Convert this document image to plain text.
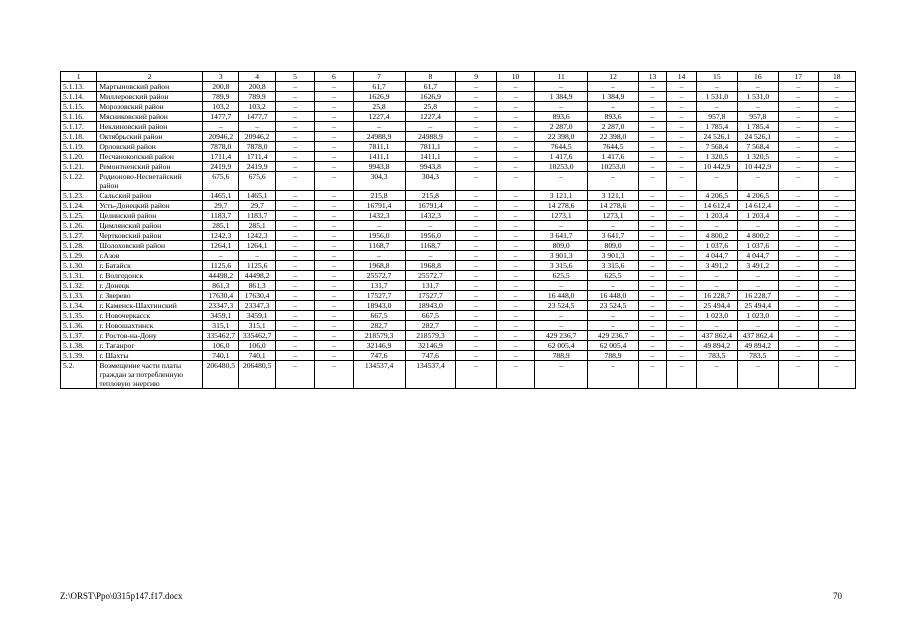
1	2	3	4	5	6	7	8	9	10	11	12	13	14	15	16	17	18
5.1.13.	Мартыновский район	200,8	200,8	–	–	61,7	61,7	–	–	–	–	–	–	–	–	–	–
5.1.14.	Миллеровский район	789,9	789,9	–	–	1626,9	1626,9	–	–	1 384,9	1 384,9	–	–	1 531,0	1 531,0	–	–
5.1.15.	Морозовский район	103,2	103,2	–	–	25,8	25,8	–	–	–	–	–	–	–	–	–	–
5.1.16.	Мясниковский район	1477,7	1477,7	–	–	1227,4	1227,4	–	–	893,6	893,6	–	–	957,8	957,8	–	–
5.1.17.	Неклиновский район	–	–	–	–	–	–	–	–	2 287,0	2 287,0	–	–	1 785,4	1 785,4	–	–
5.1.18.	Октябрьский район	20946,2	20946,2	–	–	24988,9	24988,9	–	–	22 398,0	22 398,0	–	–	24 526,1	24 526,1	–	–
5.1.19.	Орловский район	7878,0	7878,0	–	–	7811,1	7811,1	–	–	7644,5	7644,5	–	–	7 568,4	7 568,4	–	–
5.1.20.	Песчанокопский район	1711,4	1711,4	–	–	1411,1	1411,1	–	–	1 417,6	1 417,6	–	–	1 320,5	1 320,5	–	–
5.1.21.	Ремонтненский район	2419,9	2419,9	–	–	9943,8	9943,8	–	–	10253,0	10253,0	–	–	10 442,9	10 442,9	–	–
5.1.22.	Родионово-Несветайский район	675,6	675,6	–	–	304,3	304,3	–	–	–	–	–	–	–	–	–	–
5.1.23.	Сальский район	1465,1	1465,1	–	–	215,8	215,8	–	–	3 121,1	3 121,1	–	–	4 206,5	4 206,5	–	–
5.1.24.	Усть-Донецкий район	29,7	29,7	–	–	16791,4	16791,4	–	–	14 278,6	14 278,6	–	–	14 612,4	14 612,4	–	–
5.1.25.	Целинский район	1183,7	1183,7	–	–	1432,3	1432,3	–	–	1273,1	1273,1	–	–	1 203,4	1 203,4	–	–
5.1.26.	Цимлянский район	285,1	285,1	–	–	–	–	–	–	–	–	–	–	–	–	–	–
5.1.27.	Чертковский район	1242,3	1242,3	–	–	1956,0	1956,0	–	–	3 641,7	3 641,7	–	–	4 800,2	4 800,2	–	–
5.1.28.	Шолоховский район	1264,1	1264,1	–	–	1168,7	1168,7	–	–	809,0	809,0	–	–	1 037,6	1 037,6	–	–
5.1.29.	г.Азов	–	–	–	–	–	–	–	–	3 901,3	3 901,3	–	–	4 044,7	4 044,7	–	–
5.1.30.	г. Батайск	1125,6	1125,6	–	–	1968,8	1968,8	–	–	3 315,6	3 315,6	–	–	3 491,2	3 491,2	–	–
5.1.31.	г. Волгодонск	44498,2	44498,2	–	–	25572,7	25572,7	–	–	625,5	625,5	–	–	–	–	–	–
5.1.32.	г. Донецк	861,3	861,3	–	–	131,7	131,7	–	–	–	–	–	–	–	–	–	–
5.1.33.	г. Зверево	17630,4	17630,4	–	–	17527,7	17527,7	–	–	16 448,0	16 448,0	–	–	16 228,7	16 228,7	–	–
5.1.34.	г. Каменск-Шахтинский	23347,3	23347,3	–	–	18943,0	18943,0	–	–	23 524,5	23 524,5	–	–	25 494,4	25 494,4	–	–
5.1.35.	г. Новочеркасск	3459,1	3459,1	–	–	667,5	667,5	–	–	–	–	–	–	1 023,0	1 023,0	–	–
5.1.36.	г. Новошахтинск	315,1	315,1	–	–	282,7	282,7	–	–	–	–	–	–	–	–	–	–
5.1.37.	г. Ростов-на-Дону	335462,7	335462,7	–	–	218579,3	218579,3	–	–	429 236,7	429 236,7	–	–	437 862,4	437 862,4	–	–
5.1.38.	г. Таганрог	106,0	106,0	–	–	32146,9	32146,9	–	–	62 005,4	62 005,4	–	–	49 894,2	49 894,2	–	–
5.1.39.	г. Шахты	740,1	740,1	–	–	747,6	747,6	–	–	788,9	788,9	–	–	783,5	783,5	–	–
5.2.	Возмещение части платы граждан за потребленную тепловую энергию	206480,5	206480,5	–	–	134537,4	134537,4	–	–	–	–	–	–	–	–	–	–
Z:\ORST\Ppo\0315p147.f17.docx	70
